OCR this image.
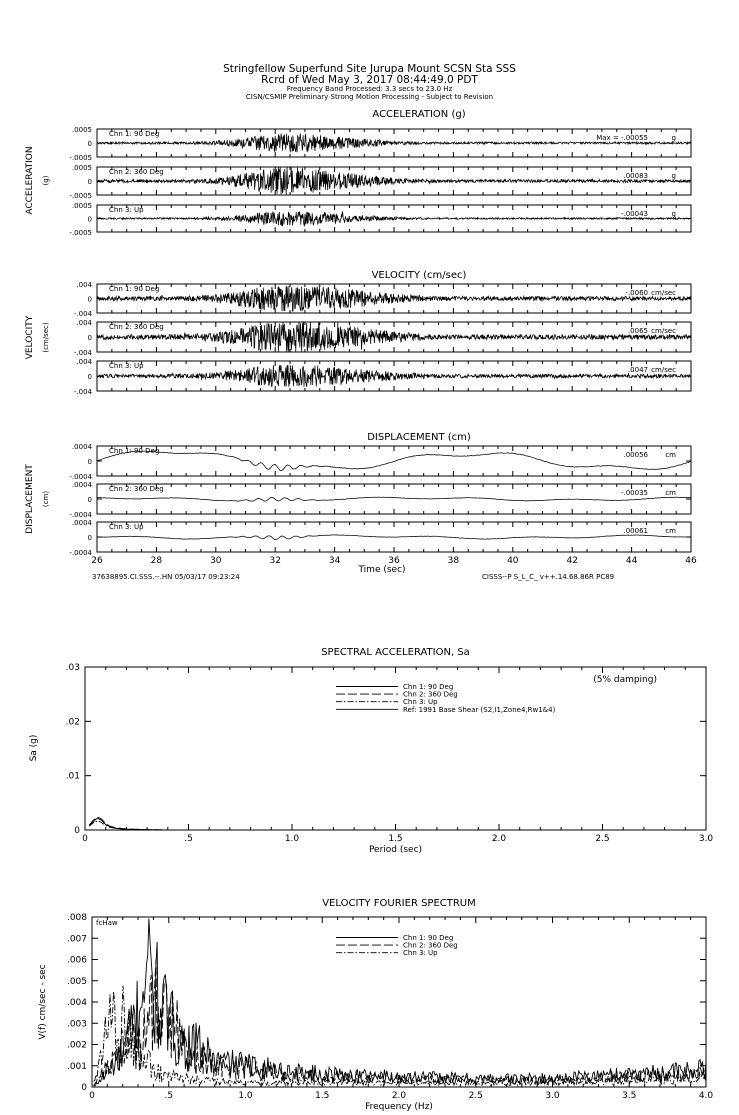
Stringfellow Superfund Site Jurupa Mount SCSN Sta SSS
Rcrd of Wed May 3, 2017 08:44:49.0 PDT
Frequency Band Processed: 3.3 secs to 23.0 Hz
CISN/CSMIP Preliminary Strong Motion Processing - Subject to Revision
ACCELERATION (g)
ACCELERATION (g)
.0005
0
-.0005
Chn 1: 90 Deg	Max = -.00055	g
.0005
0
-.0005
Chn 2: 360 Deg	.00083	g
.0005
0
-.0005
Chn 3: Up	-.00043	g
VELOCITY (cm/sec)
VELOCITY (cm/sec)
.004
0
-.004
Chn 1: 90 Deg	-.0060 cm/sec
.004
0
-.004
Chn 2: 360 Deg	.0065 cm/sec
.004
0
-.004
Chn 3: Up	.0047 cm/sec
DISPLACEMENT (cm)
DISPLACEMENT (cm)
.0004
0
-.0004
Chn 1: 90 Deg	.00056 cm
.0004
0
-.0004
Chn 2: 360 Deg	-.00035 cm
.0004
0
-.0004
Chn 3: Up	.00061 cm
26	28	30	32	34	36	38	40	42	44	46
Time (sec)
37638895.CI.SSS.--.HN 05/03/17 09:23:24	CISSS--P S_L_C_ v++.14.68.86R PC89
SPECTRAL ACCELERATION, Sa
0
.01
.02
.03
0	.5	1.0	1.5	2.0	2.5	3.0
Period (sec)
Sa (g)
(5% damping)
Chn 1: 90 Deg
Chn 2: 360 Deg
Chn 3: Up
Ref: 1991 Base Shear (S2,I1,Zone4,Rw1&4)
VELOCITY FOURIER SPECTRUM
fcHaw
0
.001
.002
.003
.004
.005
.006
.007
.008
0	.5	1.0	1.5	2.0	2.5	3.0	3.5	4.0
Frequency (Hz)
V(f) cm/sec - sec
Chn 1: 90 Deg
Chn 2: 360 Deg
Chn 3: Up
